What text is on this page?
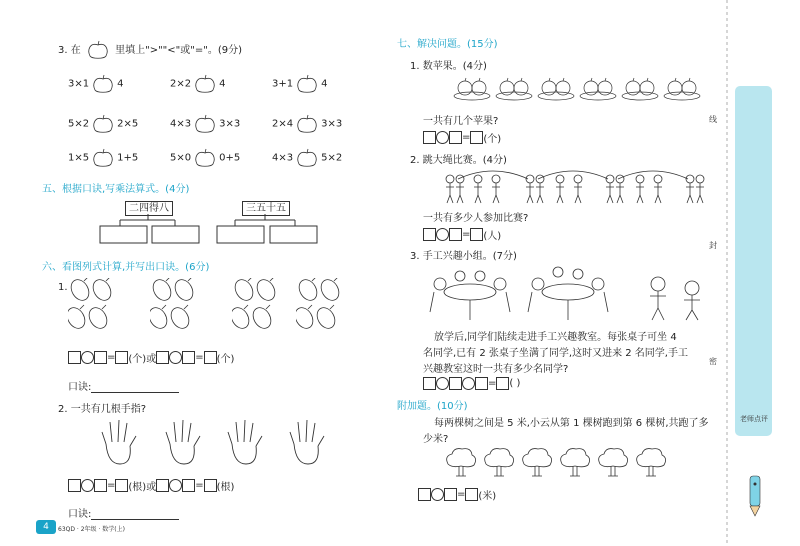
3. 在	里填上">""<"或"="。(9分)
3×1	4	2×2	4	3+1	4
5×2	2×5	4×3	3×3	2×4	3×3
1×5	1+5	5×0	0+5	4×3	5×2
五、根据口诀,写乘法算式。(4分)
二四得八	三五十五
六、看图列式计算,并写出口诀。(6分)
1.
= (个)或	= (个)
口诀:
2. 一共有几根手指?
= (根)或	= (根)
口诀:
4	63QD · 2年级 · 数学(上)
七、解决问题。(15分)
1. 数苹果。(4分)
一共有几个苹果?
= (个)
2. 跳大绳比赛。(4分)
一共有多少人参加比赛?
= (人)
3. 手工兴趣小组。(7分)
放学后,同学们陆续走进手工兴趣教室。每张桌子可坐 4
名同学,已有 2 张桌子坐满了同学,这时又进来 2 名同学,手工
兴趣教室这时一共有多少名同学?
= ( )
附加题。(10分)
每两棵树之间是 5 米,小云从第 1 棵树跑到第 6 棵树,共跑了多
少米?
= (米)
线
封
密
老师点评
